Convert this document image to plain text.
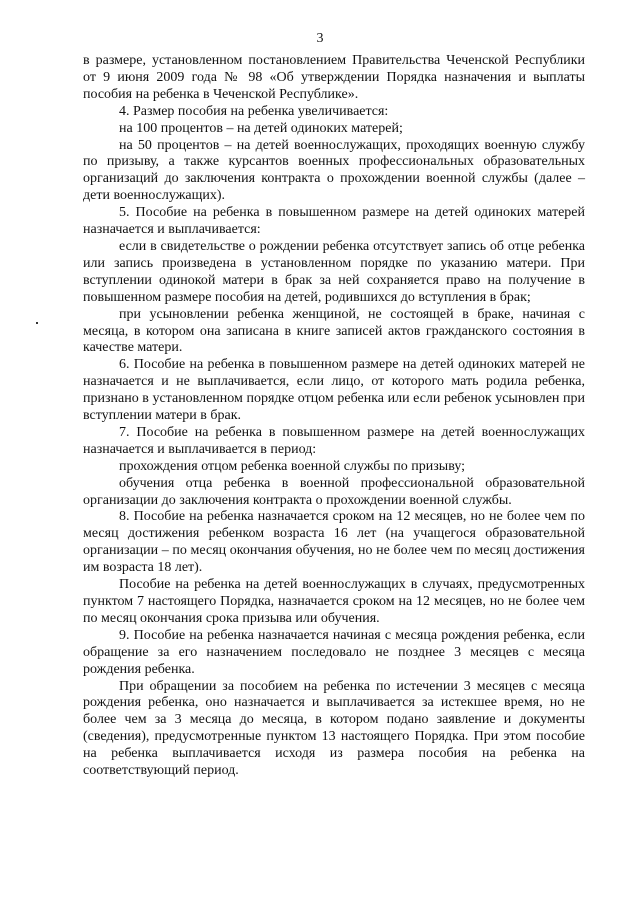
3

в размере, установленном постановлением Правительства Чеченской Республики от 9 июня 2009 года № 98 «Об утверждении Порядка назначения и выплаты пособия на ребенка в Чеченской Республике».

4. Размер пособия на ребенка увеличивается:

на 100 процентов – на детей одиноких матерей;

на 50 процентов – на детей военнослужащих, проходящих военную службу по призыву, а также курсантов военных профессиональных образовательных организаций до заключения контракта о прохождении военной службы (далее – дети военнослужащих).

5. Пособие на ребенка в повышенном размере на детей одиноких матерей назначается и выплачивается:

если в свидетельстве о рождении ребенка отсутствует запись об отце ребенка или запись произведена в установленном порядке по указанию матери. При вступлении одинокой матери в брак за ней сохраняется право на получение в повышенном размере пособия на детей, родившихся до вступления в брак;

при усыновлении ребенка женщиной, не состоящей в браке, начиная с месяца, в котором она записана в книге записей актов гражданского состояния в качестве матери.

6. Пособие на ребенка в повышенном размере на детей одиноких матерей не назначается и не выплачивается, если лицо, от которого мать родила ребенка, признано в установленном порядке отцом ребенка или если ребенок усыновлен при вступлении матери в брак.

7. Пособие на ребенка в повышенном размере на детей военнослужащих назначается и выплачивается в период:

прохождения отцом ребенка военной службы по призыву;

обучения отца ребенка в военной профессиональной образовательной организации до заключения контракта о прохождении военной службы.

8. Пособие на ребенка назначается сроком на 12 месяцев, но не более чем по месяц достижения ребенком возраста 16 лет (на учащегося образовательной организации – по месяц окончания обучения, но не более чем по месяц достижения им возраста 18 лет).

Пособие на ребенка на детей военнослужащих в случаях, предусмотренных пунктом 7 настоящего Порядка, назначается сроком на 12 месяцев, но не более чем по месяц окончания срока призыва или обучения.

9. Пособие на ребенка назначается начиная с месяца рождения ребенка, если обращение за его назначением последовало не позднее 3 месяцев с месяца рождения ребенка.

При обращении за пособием на ребенка по истечении 3 месяцев с месяца рождения ребенка, оно назначается и выплачивается за истекшее время, но не более чем за 3 месяца до месяца, в котором подано заявление и документы (сведения), предусмотренные пунктом 13 настоящего Порядка. При этом пособие на ребенка выплачивается исходя из размера пособия на ребенка на соответствующий период.
